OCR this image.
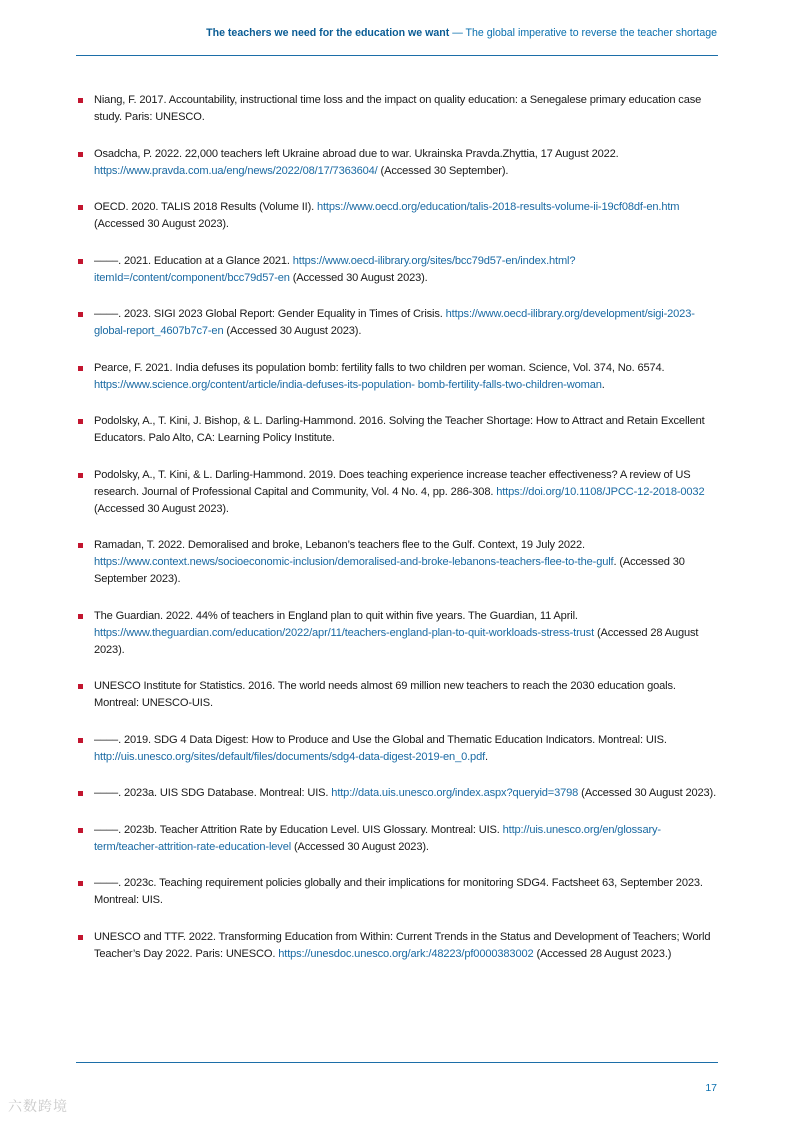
The teachers we need for the education we want — The global imperative to reverse the teacher shortage
Niang, F. 2017. Accountability, instructional time loss and the impact on quality education: a Senegalese primary education case study. Paris: UNESCO.
Osadcha, P. 2022. 22,000 teachers left Ukraine abroad due to war. Ukrainska Pravda.Zhyttia, 17 August 2022. https://www.pravda.com.ua/eng/news/2022/08/17/7363604/ (Accessed 30 September).
OECD. 2020. TALIS 2018 Results (Volume II). https://www.oecd.org/education/talis-2018-results-volume-ii-19cf08df-en.htm (Accessed 30 August 2023).
––––. 2021. Education at a Glance 2021. https://www.oecd-ilibrary.org/sites/bcc79d57-en/index.html?itemId=/content/component/bcc79d57-en (Accessed 30 August 2023).
––––. 2023. SIGI 2023 Global Report: Gender Equality in Times of Crisis. https://www.oecd-ilibrary.org/development/sigi-2023-global-report_4607b7c7-en (Accessed 30 August 2023).
Pearce, F. 2021. India defuses its population bomb: fertility falls to two children per woman. Science, Vol. 374, No. 6574. https://www.science.org/content/article/india-defuses-its-population- bomb-fertility-falls-two-children-woman.
Podolsky, A., T. Kini, J. Bishop, & L. Darling-Hammond. 2016. Solving the Teacher Shortage: How to Attract and Retain Excellent Educators. Palo Alto, CA: Learning Policy Institute.
Podolsky, A., T. Kini, & L. Darling-Hammond. 2019. Does teaching experience increase teacher effectiveness? A review of US research. Journal of Professional Capital and Community, Vol. 4 No. 4, pp. 286-308. https://doi.org/10.1108/JPCC-12-2018-0032 (Accessed 30 August 2023).
Ramadan, T. 2022. Demoralised and broke, Lebanon’s teachers flee to the Gulf. Context, 19 July 2022. https://www.context.news/socioeconomic-inclusion/demoralised-and-broke-lebanons-teachers-flee-to-the-gulf. (Accessed 30 September 2023).
The Guardian. 2022. 44% of teachers in England plan to quit within five years. The Guardian, 11 April. https://www.theguardian.com/education/2022/apr/11/teachers-england-plan-to-quit-workloads-stress-trust (Accessed 28 August 2023).
UNESCO Institute for Statistics. 2016. The world needs almost 69 million new teachers to reach the 2030 education goals. Montreal: UNESCO-UIS.
––––. 2019. SDG 4 Data Digest: How to Produce and Use the Global and Thematic Education Indicators. Montreal: UIS. http://uis.unesco.org/sites/default/files/documents/sdg4-data-digest-2019-en_0.pdf.
––––. 2023a. UIS SDG Database. Montreal: UIS. http://data.uis.unesco.org/index.aspx?queryid=3798 (Accessed 30 August 2023).
––––. 2023b. Teacher Attrition Rate by Education Level. UIS Glossary. Montreal: UIS. http://uis.unesco.org/en/glossary-term/teacher-attrition-rate-education-level (Accessed 30 August 2023).
––––. 2023c. Teaching requirement policies globally and their implications for monitoring SDG4. Factsheet 63, September 2023. Montreal: UIS.
UNESCO and TTF. 2022. Transforming Education from Within: Current Trends in the Status and Development of Teachers; World Teacher’s Day 2022. Paris: UNESCO. https://unesdoc.unesco.org/ark:/48223/pf0000383002 (Accessed 28 August 2023.)
17
六数跨境
